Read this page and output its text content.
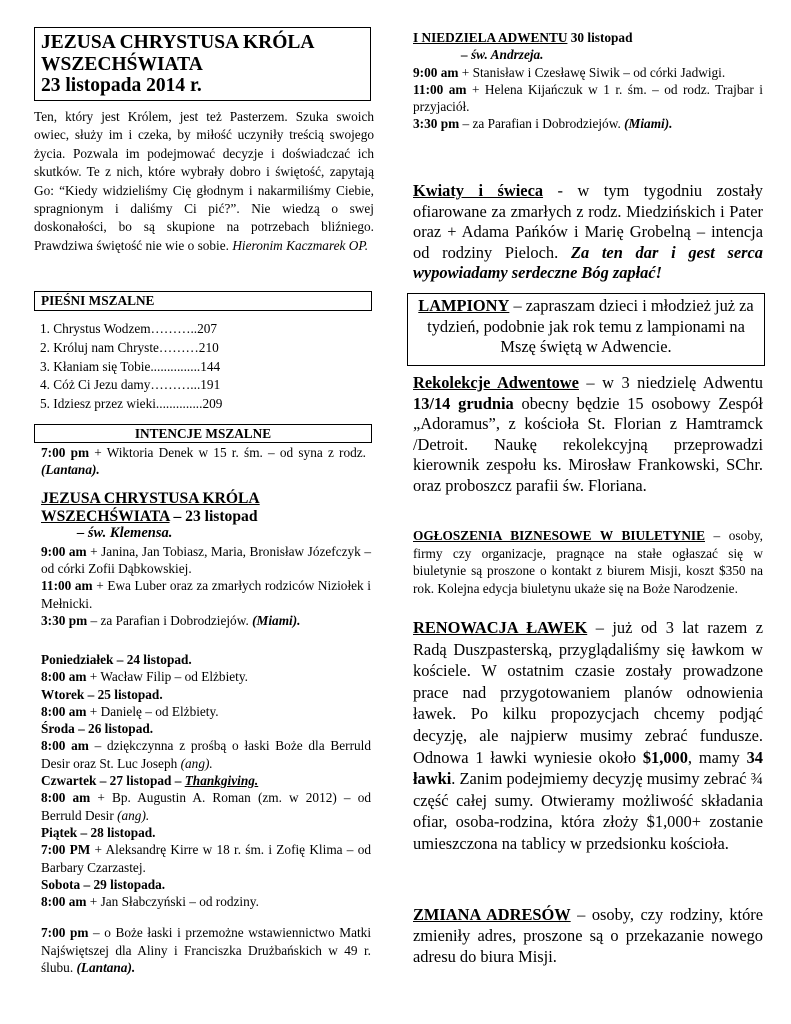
JEZUSA CHRYSTUSA KRÓLA
WSZECHŚWIATA
23 listopada 2014 r.
Ten, który jest Królem, jest też Pasterzem. Szuka swoich owiec, służy im i czeka, by miłość uczyniły treścią swojego życia. Pozwala im podejmować decyzje i doświadczać ich skutków. Te z nich, które wybrały dobro i świętość, zapytają Go: “Kiedy widzieliśmy Cię głodnym i nakarmiliśmy Ciebie, spragnionym i daliśmy Ci pić?”. Nie wiedzą o swej doskonałości, bo są skupione na potrzebach bliźniego. Prawdziwa świętość nie wie o sobie. Hieronim Kaczmarek OP.
PIEŚNI MSZALNE
1. Chrystus Wodzem………..207
2. Króluj nam Chryste………210
3. Kłaniam się Tobie...............144
4. Cóż Ci Jezu damy………...191
5. Idziesz przez wieki..............209
INTENCJE MSZALNE
7:00 pm + Wiktoria Denek w 15 r. śm. – od syna z rodz. (Lantana).
JEZUSA CHRYSTUSA KRÓLA
WSZECHŚWIATA – 23 listopad
– św. Klemensa.
9:00 am + Janina, Jan Tobiasz, Maria, Bronisław Józefczyk – od córki Zofii Dąbkowskiej.
11:00 am + Ewa Luber oraz za zmarłych rodziców Niziołek i Mełnicki.
3:30 pm – za Parafian i Dobrodziejów. (Miami).
Poniedziałek – 24 listopad.
8:00 am + Wacław Filip – od Elżbiety.
Wtorek – 25 listopad.
8:00 am + Danielę – od Elżbiety.
Środa – 26 listopad.
8:00 am – dziękczynna z prośbą o łaski Boże dla Berruld Desir oraz St. Luc Joseph (ang).
Czwartek – 27 listopad – Thankgiving.
8:00 am + Bp. Augustin A. Roman (zm. w 2012) – od Berruld Desir (ang).
Piątek – 28 listopad.
7:00 PM + Aleksandrę Kirre w 18 r. śm. i Zofię Klima – od Barbary Czarzastej.
Sobota – 29 listopada.
8:00 am + Jan Słabczyński – od rodziny.
7:00 pm – o Boże łaski i przemożne wstawiennictwo Matki Najświętszej dla Aliny i Franciszka Drużbańskich w 49 r. ślubu. (Lantana).
I NIEDZIELA ADWENTU 30 listopad
– św. Andrzeja.
9:00 am + Stanisław i Czesławę Siwik – od córki Jadwigi.
11:00 am + Helena Kijańczuk w 1 r. śm. – od rodz. Trajbar i przyjaciół.
3:30 pm – za Parafian i Dobrodziejów. (Miami).
Kwiaty i świeca - w tym tygodniu zostały ofiarowane za zmarłych z rodz. Miedzińskich i Pater oraz + Adama Pańków i Marię Grobelną – intencja od rodziny Pieloch. Za ten dar i gest serca wypowiadamy serdeczne Bóg zapłać!
LAMPIONY – zapraszam dzieci i młodzież już za tydzień, podobnie jak rok temu z lampionami na Mszę świętą w Adwencie.
Rekolekcje Adwentowe – w 3 niedzielę Adwentu 13/14 grudnia obecny będzie 15 osobowy Zespół „Adoramus”, z kościoła St. Florian z Hamtramck /Detroit. Naukę rekolekcyjną przeprowadzi kierownik zespołu ks. Mirosław Frankowski, SChr. oraz proboszcz parafii św. Floriana.
OGŁOSZENIA BIZNESOWE W BIULETYNIE – osoby, firmy czy organizacje, pragnące na stałe ogłaszać się w biuletynie są proszone o kontakt z biurem Misji, koszt $350 na rok. Kolejna edycja biuletynu ukaże się na Boże Narodzenie.
RENOWACJA ŁAWEK – już od 3 lat razem z Radą Duszpasterską, przyglądaliśmy się ławkom w kościele. W ostatnim czasie zostały prowadzone prace nad przygotowaniem planów odnowienia ławek. Po kilku propozycjach chcemy podjąć decyzję, ale najpierw musimy zebrać fundusze. Odnowa 1 ławki wyniesie około $1,000, mamy 34 ławki. Zanim podejmiemy decyzję musimy zebrać ¾ część całej sumy. Otwieramy możliwość składania ofiar, osoba-rodzina, która złoży $1,000+ zostanie umieszczona na tablicy w przedsionku kościoła.
ZMIANA ADRESÓW – osoby, czy rodziny, które zmieniły adres, proszone są o przekazanie nowego adresu do biura Misji.
